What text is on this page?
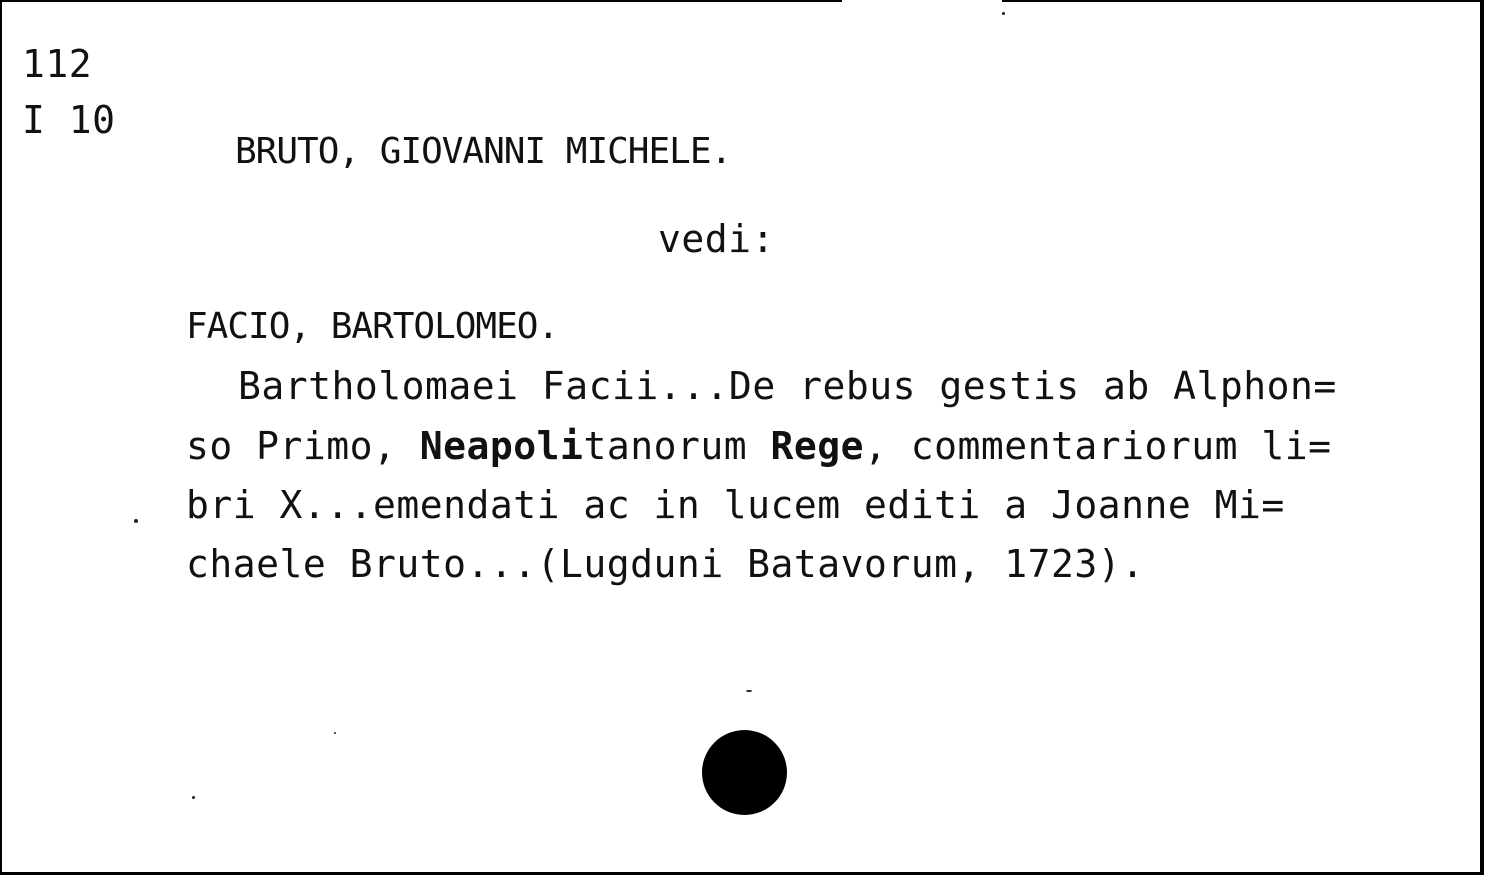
112
I 10
BRUTO, GIOVANNI MICHELE.
vedi:
FACIO, BARTOLOMEO.
Bartholomaei Facii...De rebus gestis ab Alphon=
so Primo, Neapolitanorum Rege, commentariorum li=
bri X...emendati ac in lucem editi a Joanne Mi=
chaele Bruto...(Lugduni Batavorum, 1723).
